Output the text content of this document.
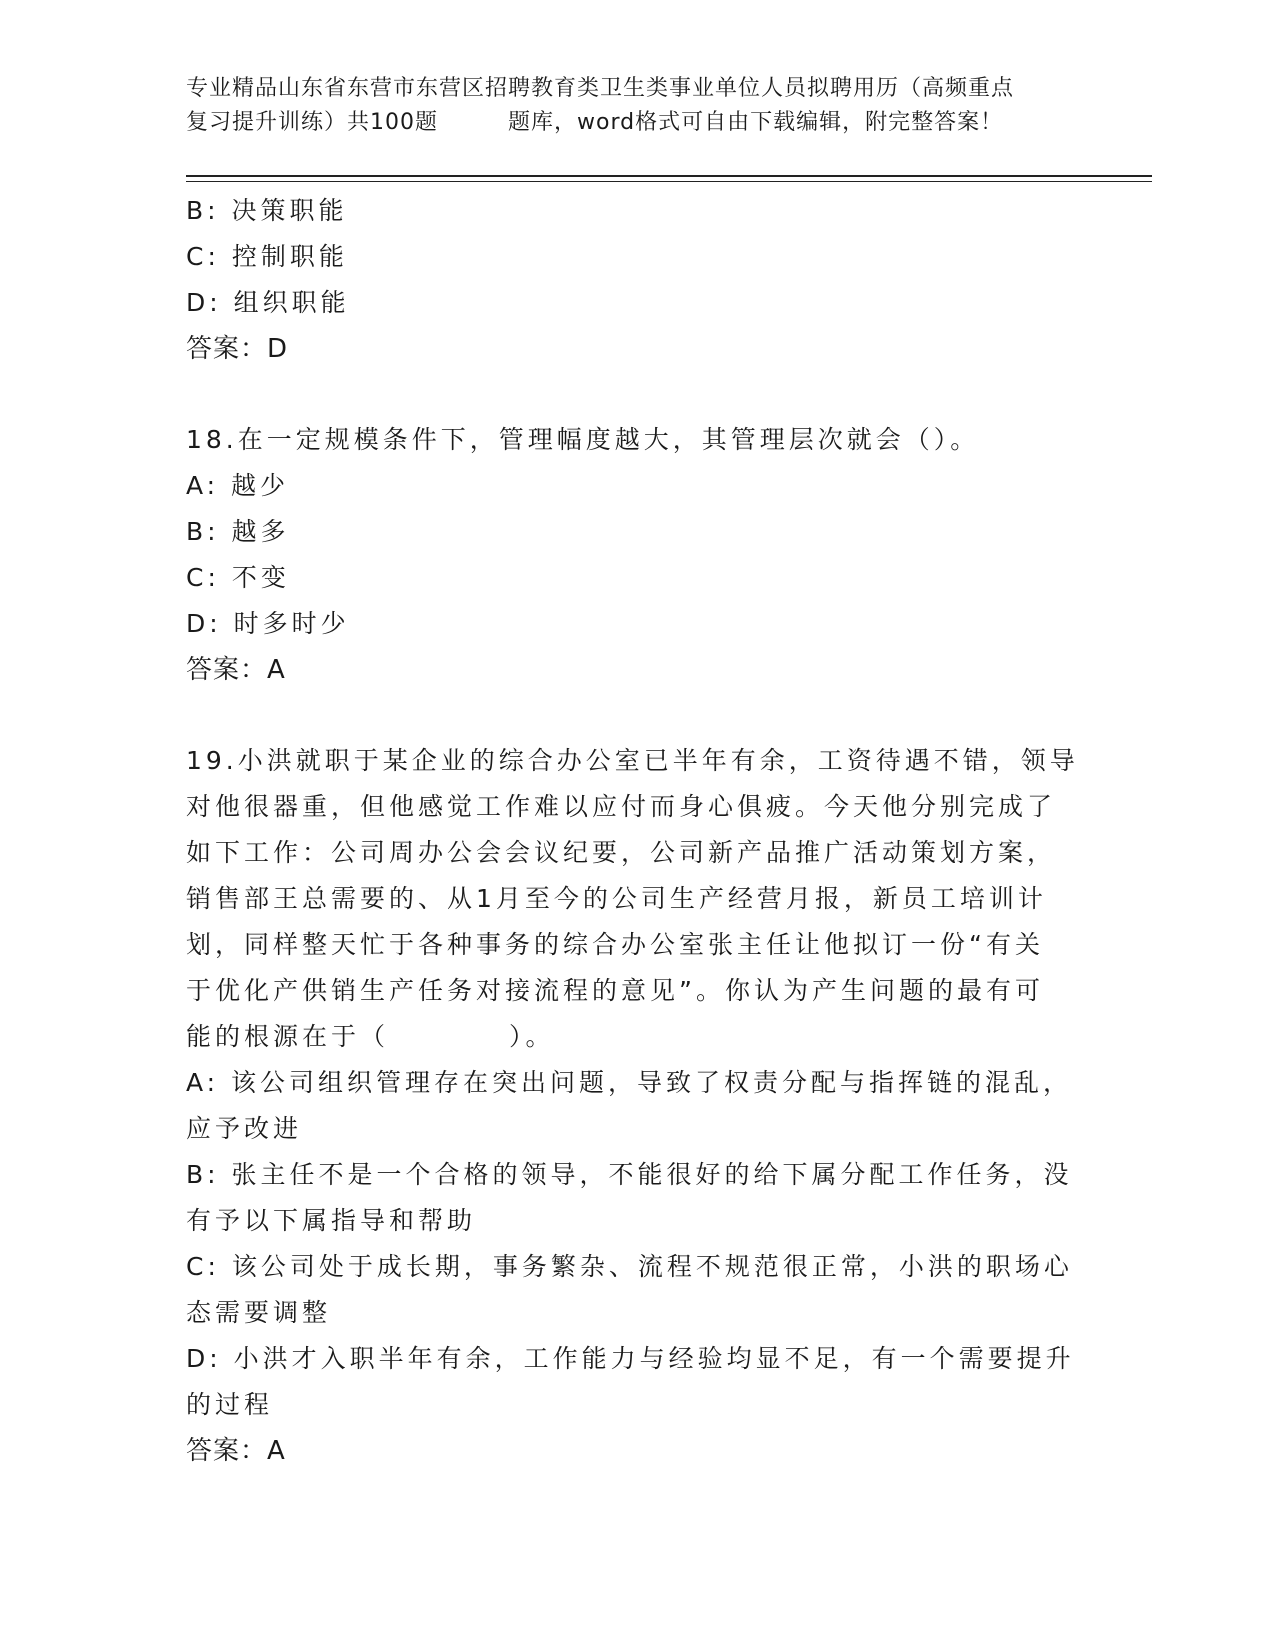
专业精品山东省东营市东营区招聘教育类卫生类事业单位人员拟聘用历（高频重点
复习提升训练）共100题	题库，word格式可自由下载编辑，附完整答案！
B: 决策职能
C: 控制职能
D: 组织职能
答案：D
18.在一定规模条件下，管理幅度越大，其管理层次就会（）。
A: 越少
B: 越多
C: 不变
D: 时多时少
答案：A
19.小洪就职于某企业的综合办公室已半年有余，工资待遇不错，领导
对他很器重，但他感觉工作难以应付而身心俱疲。今天他分别完成了
如下工作：公司周办公会会议纪要，公司新产品推广活动策划方案，
销售部王总需要的、从1月至今的公司生产经营月报，新员工培训计
划，同样整天忙于各种事务的综合办公室张主任让他拟订一份“有关
于优化产供销生产任务对接流程的意见”。你认为产生问题的最有可
能的根源在于（	）。
A: 该公司组织管理存在突出问题，导致了权责分配与指挥链的混乱，
应予改进
B: 张主任不是一个合格的领导，不能很好的给下属分配工作任务，没
有予以下属指导和帮助
C: 该公司处于成长期，事务繁杂、流程不规范很正常，小洪的职场心
态需要调整
D: 小洪才入职半年有余，工作能力与经验均显不足，有一个需要提升
的过程
答案：A
